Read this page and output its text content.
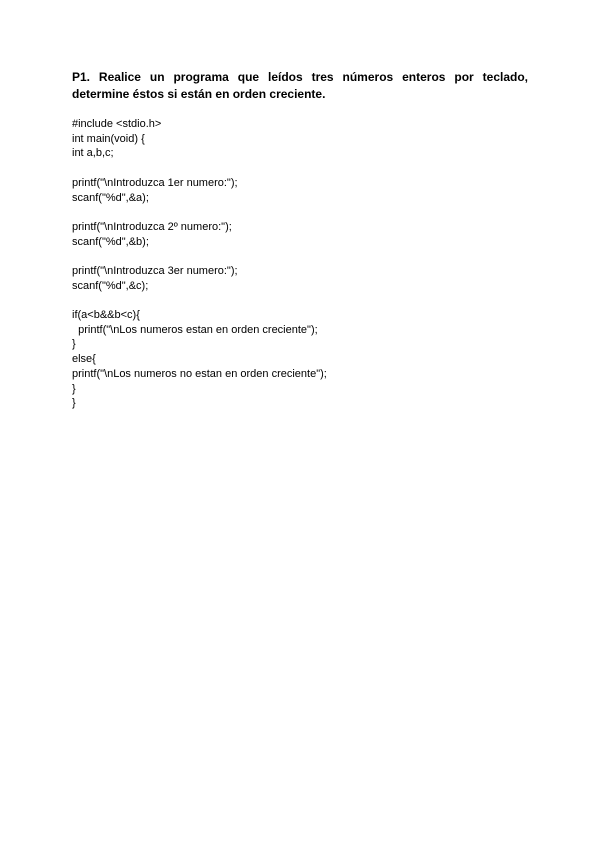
P1. Realice un programa que leídos tres números enteros por teclado, determine éstos si están en orden creciente.

#include <stdio.h>
int main(void) {
int a,b,c;
printf("\nIntroduzca 1er numero:");
scanf("%d",&a);
printf("\nIntroduzca 2º numero:");
scanf("%d",&b);
printf("\nIntroduzca 3er numero:");
scanf("%d",&c);
if(a<b&&b<c){
printf("\nLos numeros estan en orden creciente");
}
else{
printf("\nLos numeros no estan en orden creciente");
}
}
